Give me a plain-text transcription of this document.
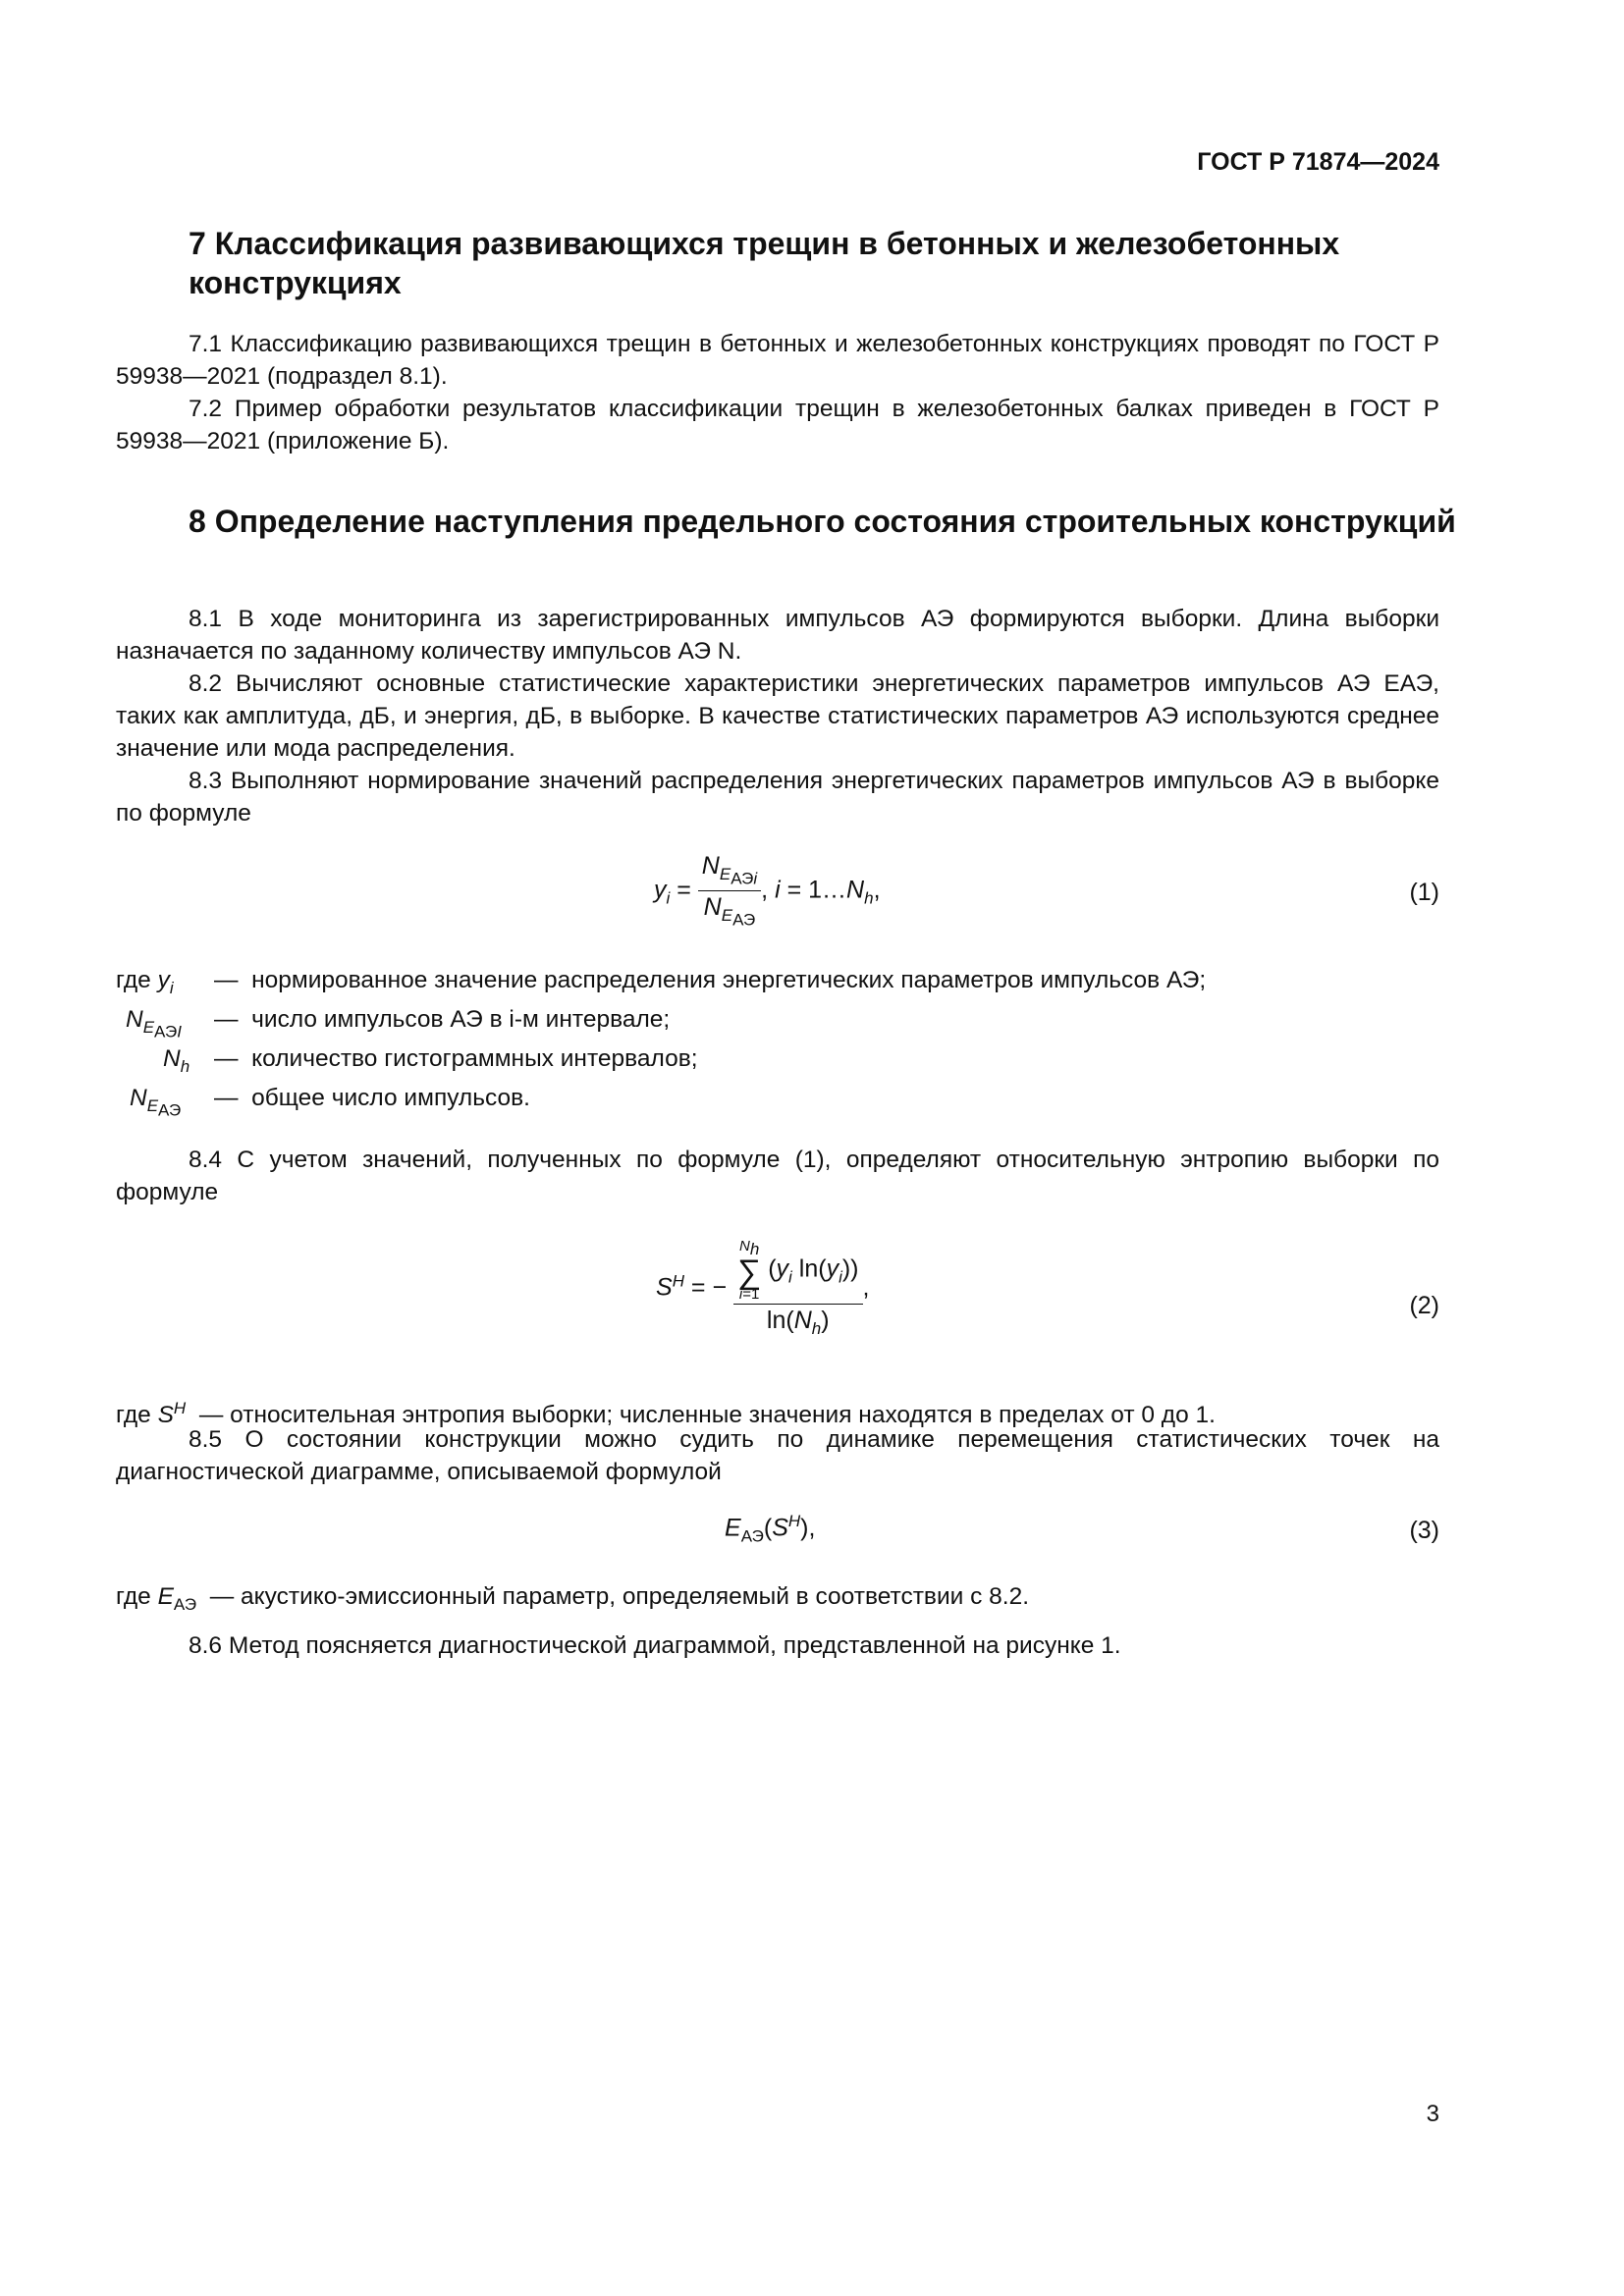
ГОСТ Р 71874—2024
7 Классификация развивающихся трещин в бетонных и железобетонных конструкциях
7.1 Классификацию развивающихся трещин в бетонных и железобетонных конструкциях проводят по ГОСТ Р 59938—2021 (подраздел 8.1).
7.2 Пример обработки результатов классификации трещин в железобетонных балках приведен в ГОСТ Р 59938—2021 (приложение Б).
8 Определение наступления предельного состояния строительных конструкций
8.1 В ходе мониторинга из зарегистрированных импульсов АЭ формируются выборки. Длина выборки назначается по заданному количеству импульсов АЭ N.
8.2 Вычисляют основные статистические характеристики энергетических параметров импульсов АЭ EАЭ, таких как амплитуда, дБ, и энергия, дБ, в выборке. В качестве статистических параметров АЭ используются среднее значение или мода распределения.
8.3 Выполняют нормирование значений распределения энергетических параметров импульсов АЭ в выборке по формуле
$y_i = \frac{N_{E_{АЭi}}}{N_{E_{АЭ}}}$ , $i = 1\dots N_h$,	(1)
где $y_i$ —  нормированное значение распределения энергетических параметров импульсов АЭ;
$N_{E_{АЭI}}$ —  число импульсов АЭ в i-м интервале;
$N_h$ —  количество гистограммных интервалов;
$N_{E_{АЭ}}$ —  общее число импульсов.
8.4 С учетом значений, полученных по формуле (1), определяют относительную энтропию выборки по формуле
$S^H$ = − $N_h$
∑
i=1
($y_i$ $\ln(y_i)$)
$\ln(N_h)$ ,
(2)
где $S^H$ — относительная энтропия выборки; численные значения находятся в пределах от 0 до 1.
8.5 О состоянии конструкции можно судить по динамике перемещения статистических точек на диагностической диаграмме, описываемой формулой
$E_{АЭ}(S^H)$,	(3)
где $E_{АЭ}$ — акустико-эмиссионный параметр, определяемый в соответствии с 8.2.
8.6 Метод поясняется диагностической диаграммой, представленной на рисунке 1.
3
